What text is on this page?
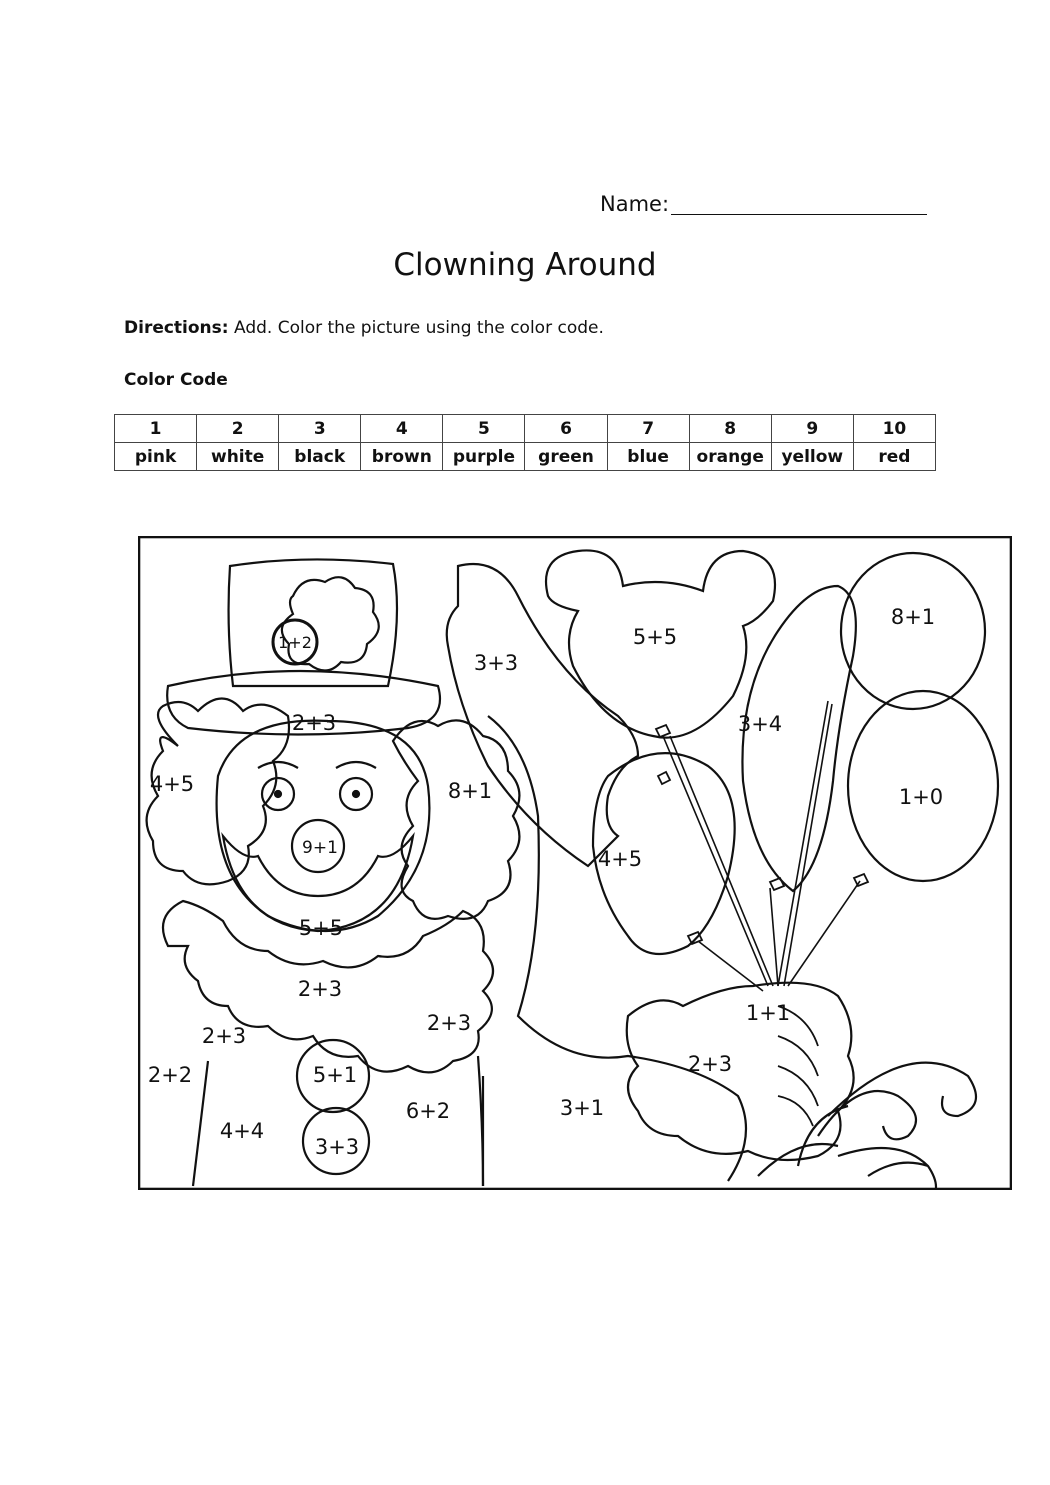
Name:
Clowning Around
Directions: Add. Color the picture using the color code.
Color Code
1	2	3	4	5	6	7	8	9	10
pink	white	black	brown	purple	green	blue	orange	yellow	red
1+2
3+3
5+5
8+1
3+4
1+0
4+5
2+3
4+5	8+1
9+1
5+5
2+3
2+3
2+3
2+2	5+1
4+4
3+3
6+2	3+1
2+3
1+1
